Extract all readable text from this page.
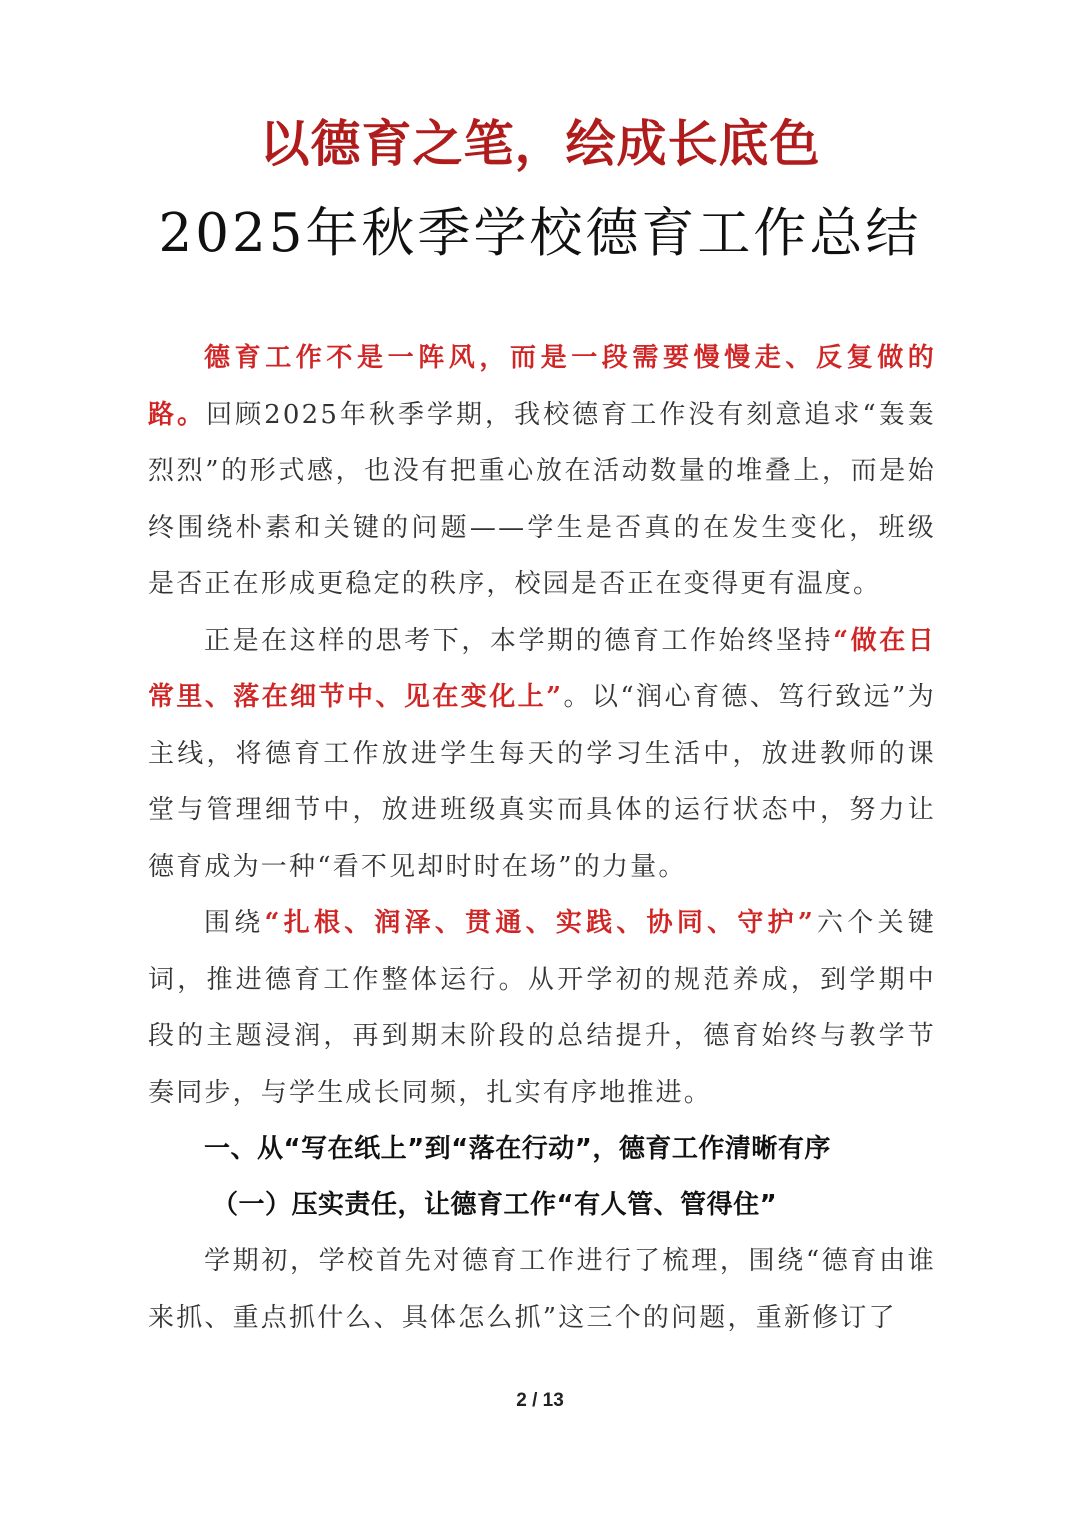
以德育之笔，绘成长底色
2025年秋季学校德育工作总结

德育工作不是一阵风，而是一段需要慢慢走、反复做的路。回顾2025年秋季学期，我校德育工作没有刻意追求“轰轰烈烈”的形式感，也没有把重心放在活动数量的堆叠上，而是始终围绕朴素和关键的问题——学生是否真的在发生变化，班级是否正在形成更稳定的秩序，校园是否正在变得更有温度。

正是在这样的思考下，本学期的德育工作始终坚持“做在日常里、落在细节中、见在变化上”。以“润心育德、笃行致远”为主线，将德育工作放进学生每天的学习生活中，放进教师的课堂与管理细节中，放进班级真实而具体的运行状态中，努力让德育成为一种“看不见却时时在场”的力量。

围绕“扎根、润泽、贯通、实践、协同、守护”六个关键词，推进德育工作整体运行。从开学初的规范养成，到学期中段的主题浸润，再到期末阶段的总结提升，德育始终与教学节奏同步，与学生成长同频，扎实有序地推进。

一、从“写在纸上”到“落在行动”，德育工作清晰有序

（一）压实责任，让德育工作“有人管、管得住”

学期初，学校首先对德育工作进行了梳理，围绕“德育由谁来抓、重点抓什么、具体怎么抓”这三个的问题，重新修订了

2 / 13
